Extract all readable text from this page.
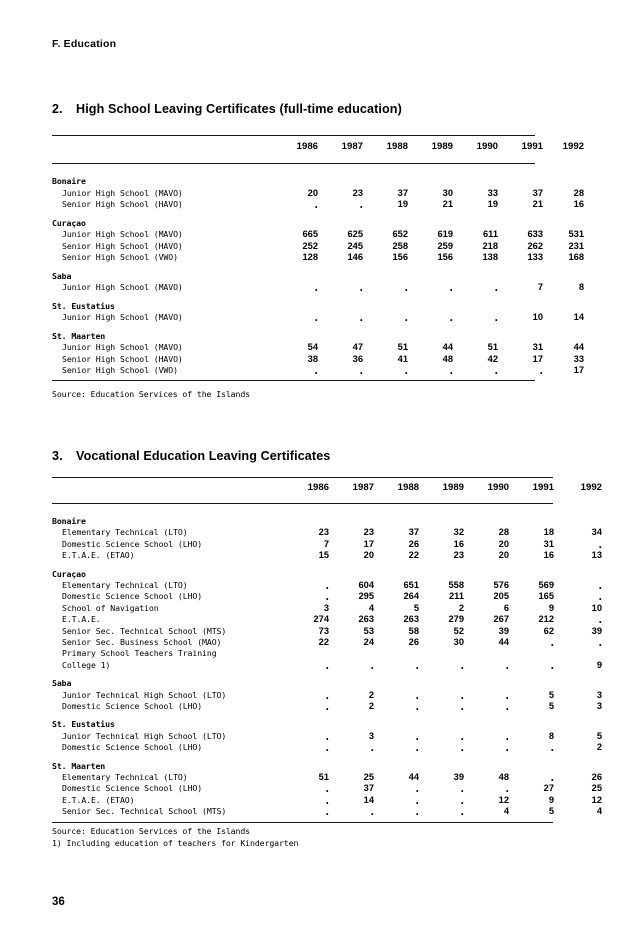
F. Education
2. High School Leaving Certificates (full-time education)
1986	1987	1988	1989	1990	1991	1992
Bonaire
Junior High School (MAVO)	20	23	37	30	33	37	28
Senior High School (HAVO)	.	.	19	21	19	21	16
Curaçao
Junior High School (MAVO)	665	625	652	619	611	633	531
Senior High School (HAVO)	252	245	258	259	218	262	231
Senior High School (VWO)	128	146	156	156	138	133	168
Saba
Junior High School (MAVO)	.	.	.	.	.	7	8
St. Eustatius
Junior High School (MAVO)	.	.	.	.	.	10	14
St. Maarten
Junior High School (MAVO)	54	47	51	44	51	31	44
Senior High School (HAVO)	38	36	41	48	42	17	33
Senior High School (VWO)	.	.	.	.	.	.	17
Source: Education Services of the Islands
3. Vocational Education Leaving Certificates
1986	1987	1988	1989	1990	1991	1992
Bonaire
Elementary Technical (LTO)	23	23	37	32	28	18	34
Domestic Science School (LHO)	7	17	26	16	20	31	.
E.T.A.E. (ETAO)	15	20	22	23	20	16	13
Curaçao
Elementary Technical (LTO)	.	604	651	558	576	569	.
Domestic Science School (LHO)	.	295	264	211	205	165	.
School of Navigation	3	4	5	2	6	9	10
E.T.A.E.	274	263	263	279	267	212	.
Senior Sec. Technical School (MTS)	73	53	58	52	39	62	39
Senior Sec. Business School (MAO)	22	24	26	30	44	.	.
Primary School Teachers Training
College 1)	.	.	.	.	.	.	9
Saba
Junior Technical High School (LTO)	.	2	.	.	.	5	3
Domestic Science School (LHO)	.	2	.	.	.	5	3
St. Eustatius
Junior Technical High School (LTO)	.	3	.	.	.	8	5
Domestic Science School (LHO)	.	.	.	.	.	.	2
St. Maarten
Elementary Technical (LTO)	51	25	44	39	48	.	26
Domestic Science School (LHO)	.	37	.	.	.	27	25
E.T.A.E. (ETAO)	.	14	.	.	12	9	12
Senior Sec. Technical School (MTS)	.	.	.	.	4	5	4
Source: Education Services of the Islands
1) Including education of teachers for Kindergarten
36
